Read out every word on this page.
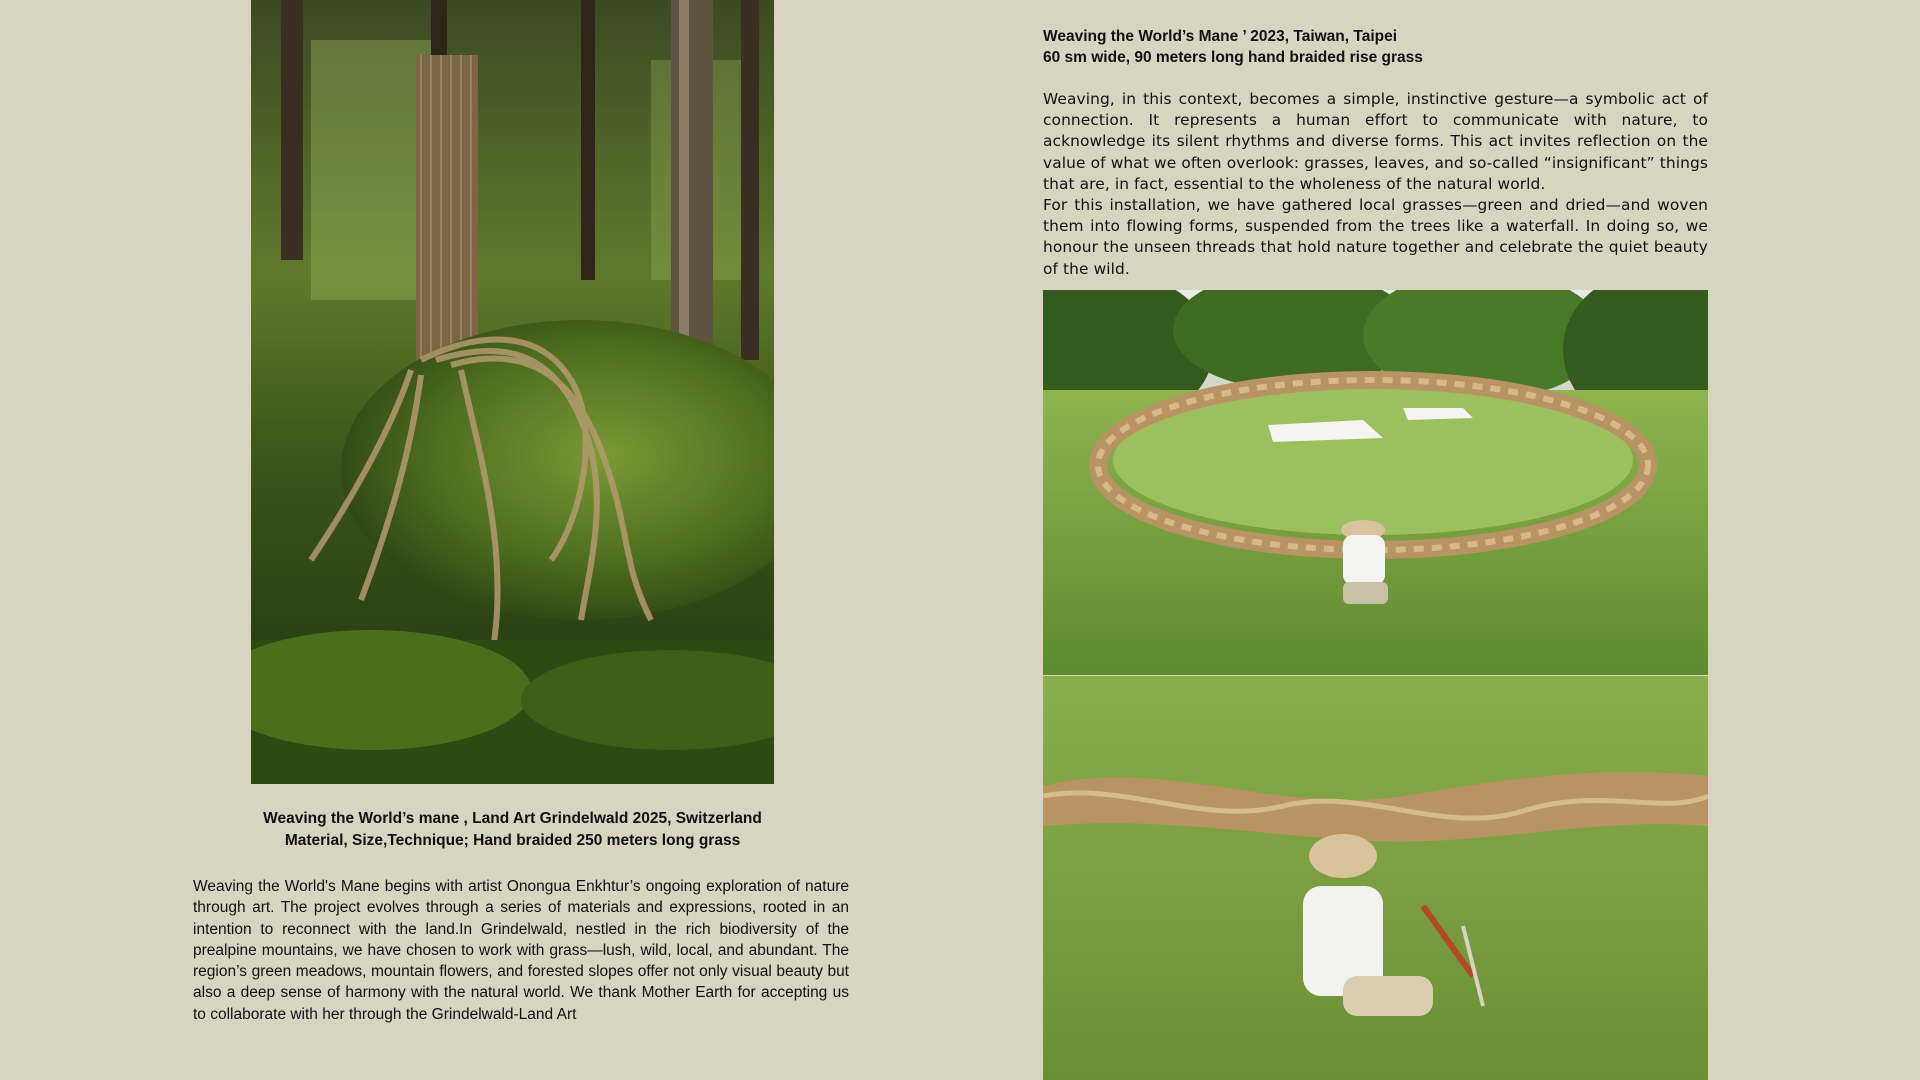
Weaving the World’s mane , Land Art Grindelwald 2025, Switzerland
Material, Size,Technique; Hand braided 250 meters long grass
Weaving the World's Mane begins with artist Onongua Enkhtur’s ongoing exploration of nature through art. The project evolves through a series of materials and expressions, rooted in an intention to reconnect with the land.In Grindelwald, nestled in the rich biodiversity of the prealpine mountains, we have chosen to work with grass—lush, wild, local, and abundant. The region’s green meadows, mountain flowers, and forested slopes offer not only visual beauty but also a deep sense of harmony with the natural world. We thank Mother Earth for accepting us to collaborate with her through the Grindelwald-Land Art
Weaving the World’s Mane ’ 2023, Taiwan, Taipei
60 sm wide, 90 meters long hand braided rise grass

Weaving, in this context, becomes a simple, instinctive gesture—a symbolic act of connection. It represents a human effort to communicate with nature, to acknowledge its silent rhythms and diverse forms. This act invites reflection on the value of what we often overlook: grasses, leaves, and so-called “insignificant” things that are, in fact, essential to the wholeness of the natural world.

For this installation, we have gathered local grasses—green and dried—and woven them into flowing forms, suspended from the trees like a waterfall. In doing so, we honour the unseen threads that hold nature together and celebrate the quiet beauty of the wild.
